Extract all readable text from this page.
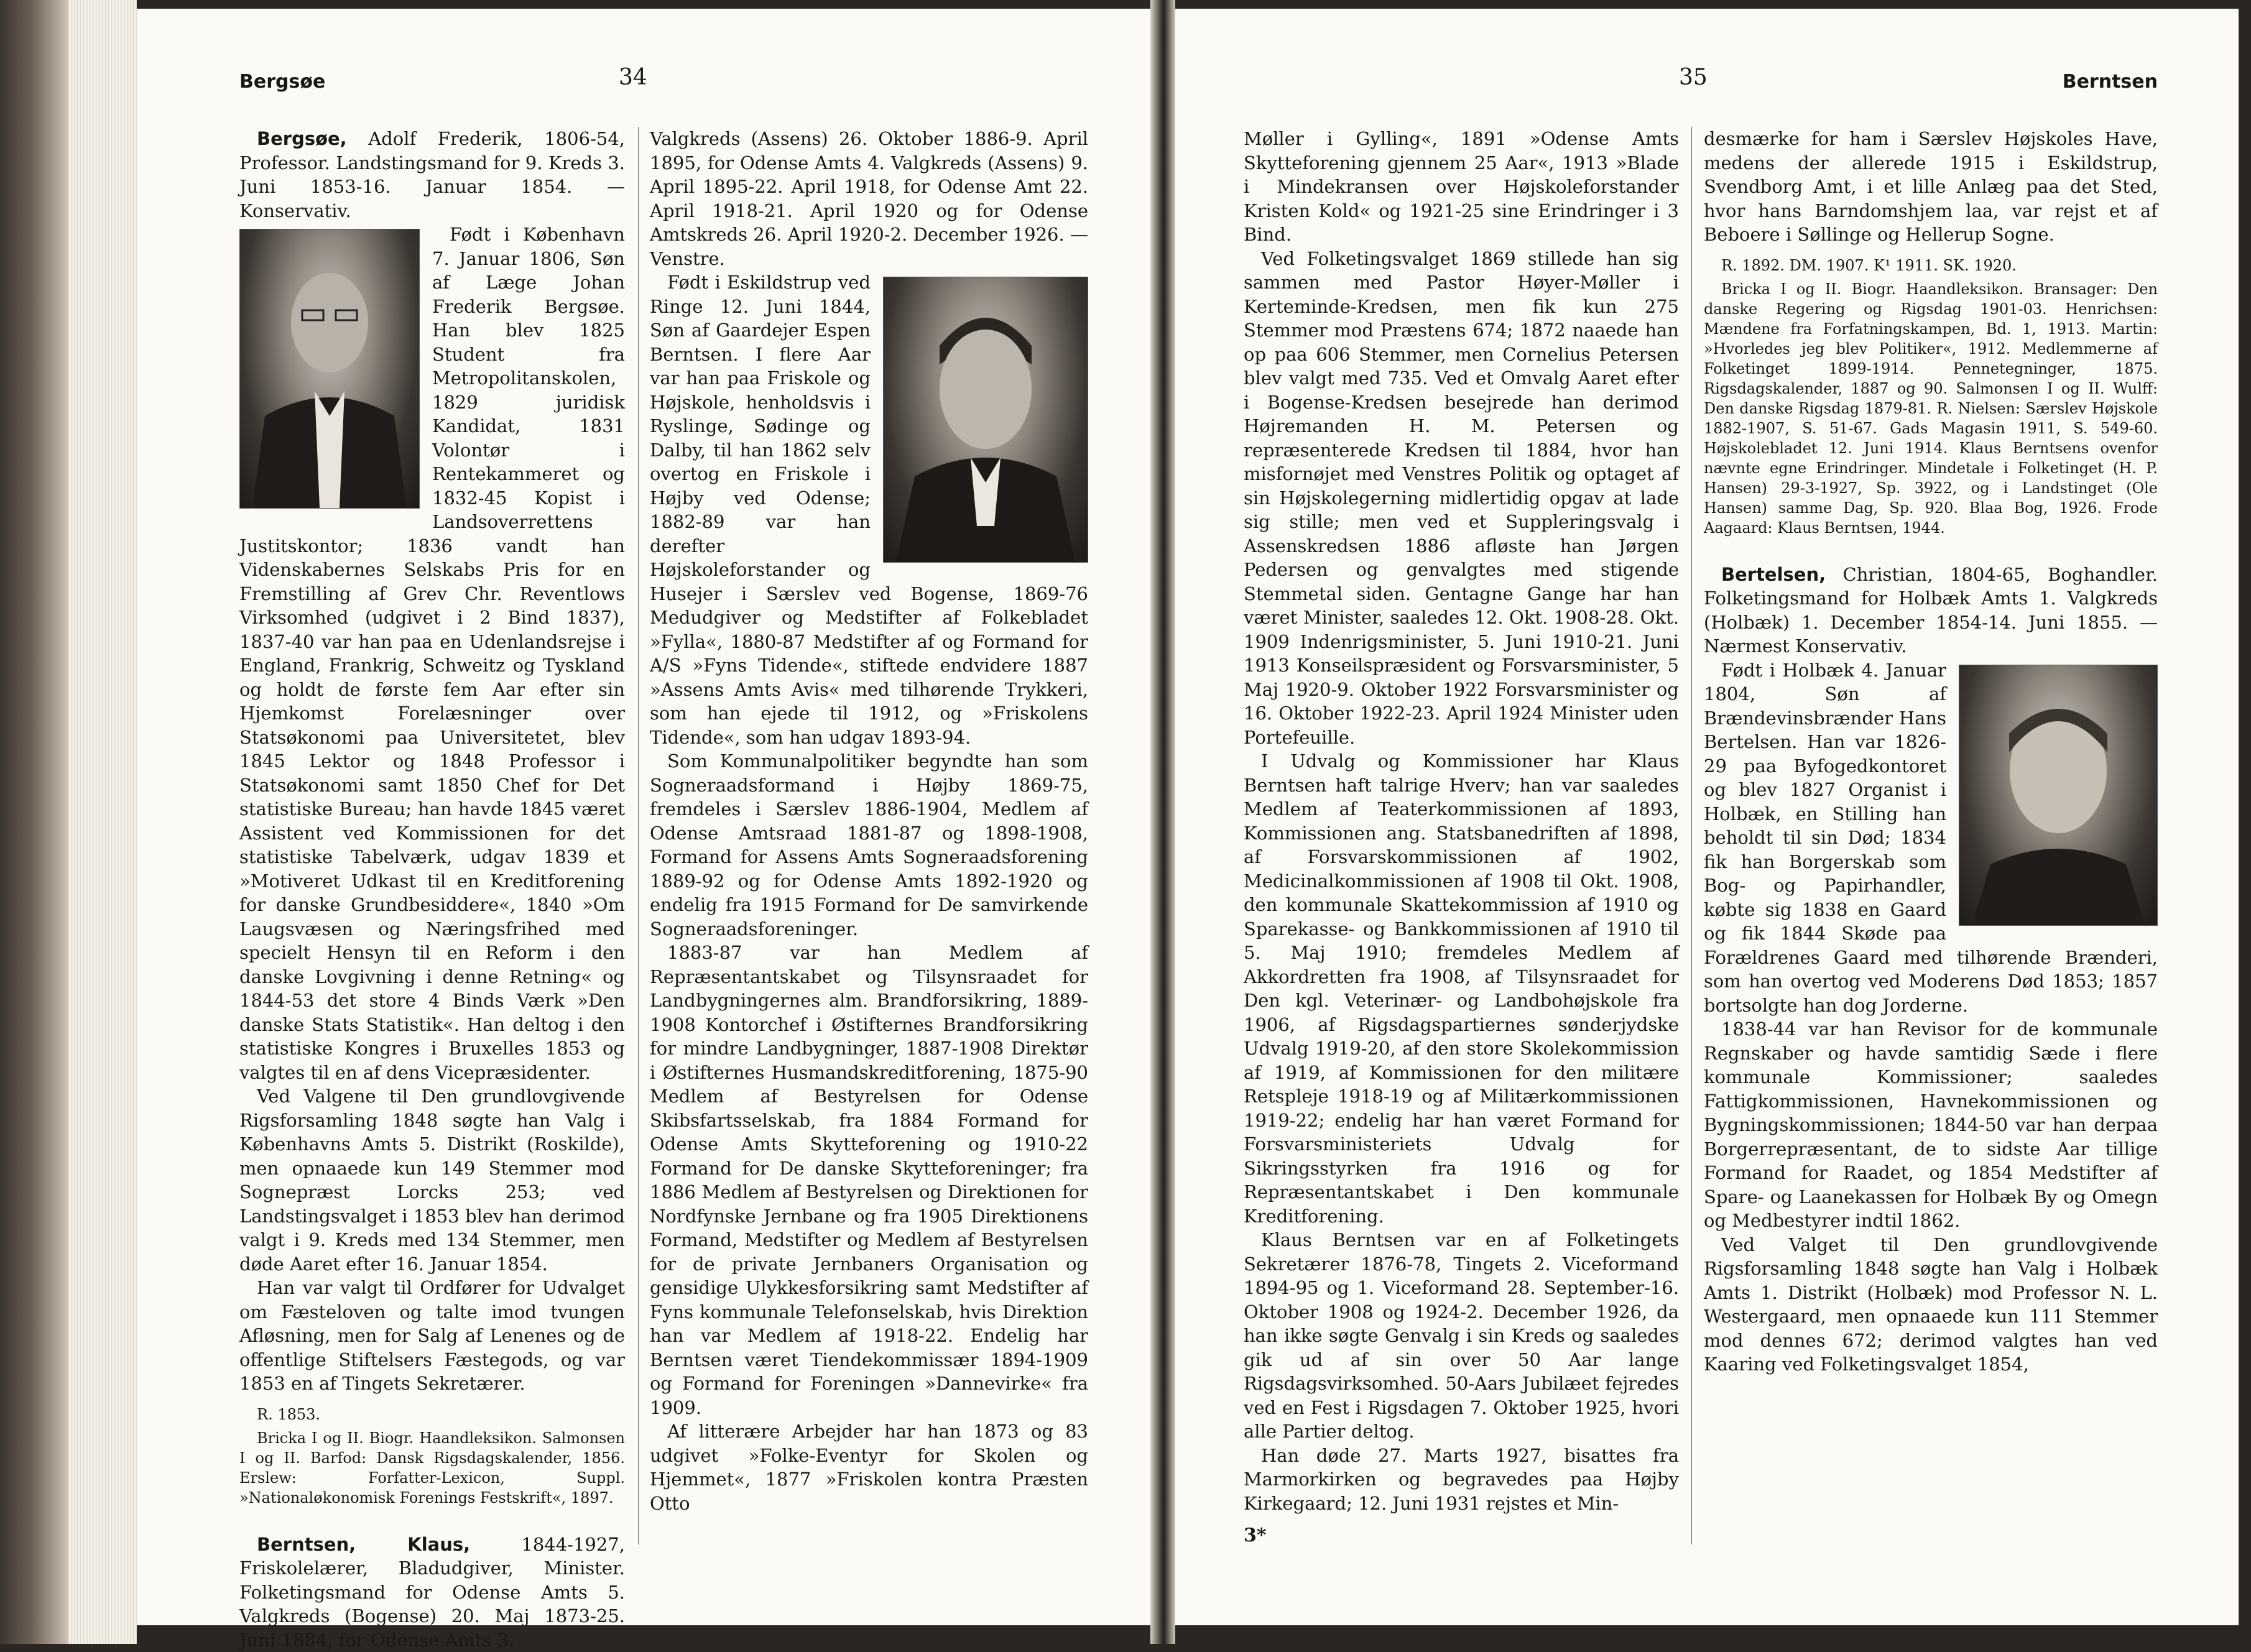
Bergsøe	34

Bergsøe, Adolf Frederik, 1806-54, Professor. Landstingsmand for 9. Kreds 3. Juni 1853-16. Januar 1854. — Konservativ.

Født i København 7. Januar 1806, Søn af Læge Johan Frederik Bergsøe. Han blev 1825 Student fra Metropolitanskolen, 1829 juridisk Kandidat, 1831 Volontør i Rentekammeret og 1832-45 Kopist i Landsoverrettens Justitskontor; 1836 vandt han Videnskabernes Selskabs Pris for en Fremstilling af Grev Chr. Reventlows Virksomhed (udgivet i 2 Bind 1837), 1837-40 var han paa en Udenlandsrejse i England, Frankrig, Schweitz og Tyskland og holdt de første fem Aar efter sin Hjemkomst Forelæsninger over Statsøkonomi paa Universitetet, blev 1845 Lektor og 1848 Professor i Statsøkonomi samt 1850 Chef for Det statistiske Bureau; han havde 1845 været Assistent ved Kommissionen for det statistiske Tabelværk, udgav 1839 et »Motiveret Udkast til en Kreditforening for danske Grundbesiddere«, 1840 »Om Laugsvæsen og Næringsfrihed med specielt Hensyn til en Reform i den danske Lovgivning i denne Retning« og 1844-53 det store 4 Binds Værk »Den danske Stats Statistik«. Han deltog i den statistiske Kongres i Bruxelles 1853 og valgtes til en af dens Vicepræsidenter.

Ved Valgene til Den grundlovgivende Rigsforsamling 1848 søgte han Valg i Københavns Amts 5. Distrikt (Roskilde), men opnaaede kun 149 Stemmer mod Sognepræst Lorcks 253; ved Landstingsvalget i 1853 blev han derimod valgt i 9. Kreds med 134 Stemmer, men døde Aaret efter 16. Januar 1854.

Han var valgt til Ordfører for Udvalget om Fæsteloven og talte imod tvungen Afløsning, men for Salg af Lenenes og de offentlige Stiftelsers Fæstegods, og var 1853 en af Tingets Sekretærer.

R. 1853.

Bricka I og II. Biogr. Haandleksikon. Salmonsen I og II. Barfod: Dansk Rigsdagskalender, 1856. Erslew: Forfatter-Lexicon, Suppl. »Nationaløkonomisk Forenings Festskrift«, 1897.

Berntsen, Klaus, 1844-1927, Friskolelærer, Bladudgiver, Minister. Folketingsmand for Odense Amts 5. Valgkreds (Bogense) 20. Maj 1873-25. Juni 1884, for Odense Amts 3.

Valgkreds (Assens) 26. Oktober 1886-9. April 1895, for Odense Amts 4. Valgkreds (Assens) 9. April 1895-22. April 1918, for Odense Amt 22. April 1918-21. April 1920 og for Odense Amtskreds 26. April 1920-2. December 1926. — Venstre.

Født i Eskildstrup ved Ringe 12. Juni 1844, Søn af Gaardejer Espen Berntsen. I flere Aar var han paa Friskole og Højskole, henholdsvis i Ryslinge, Sødinge og Dalby, til han 1862 selv overtog en Friskole i Højby ved Odense; 1882-89 var han derefter Højskoleforstander og Husejer i Særslev ved Bogense, 1869-76 Medudgiver og Medstifter af Folkebladet »Fylla«, 1880-87 Medstifter af og Formand for A/S »Fyns Tidende«, stiftede endvidere 1887 »Assens Amts Avis« med tilhørende Trykkeri, som han ejede til 1912, og »Friskolens Tidende«, som han udgav 1893-94.

Som Kommunalpolitiker begyndte han som Sogneraadsformand i Højby 1869-75, fremdeles i Særslev 1886-1904, Medlem af Odense Amtsraad 1881-87 og 1898-1908, Formand for Assens Amts Sogneraadsforening 1889-92 og for Odense Amts 1892-1920 og endelig fra 1915 Formand for De samvirkende Sogneraadsforeninger.

1883-87 var han Medlem af Repræsentantskabet og Tilsynsraadet for Landbygningernes alm. Brandforsikring, 1889-1908 Kontorchef i Østifternes Brandforsikring for mindre Landbygninger, 1887-1908 Direktør i Østifternes Husmandskreditforening, 1875-90 Medlem af Bestyrelsen for Odense Skibsfartsselskab, fra 1884 Formand for Odense Amts Skytteforening og 1910-22 Formand for De danske Skytteforeninger; fra 1886 Medlem af Bestyrelsen og Direktionen for Nordfynske Jernbane og fra 1905 Direktionens Formand, Medstifter og Medlem af Bestyrelsen for de private Jernbaners Organisation og gensidige Ulykkesforsikring samt Medstifter af Fyns kommunale Telefonselskab, hvis Direktion han var Medlem af 1918-22. Endelig har Berntsen været Tiendekommissær 1894-1909 og Formand for Foreningen »Dannevirke« fra 1909.

Af litterære Arbejder har han 1873 og 83 udgivet »Folke-Eventyr for Skolen og Hjemmet«, 1877 »Friskolen kontra Præsten Otto

35	Berntsen

Møller i Gylling«, 1891 »Odense Amts Skytteforening gjennem 25 Aar«, 1913 »Blade i Mindekransen over Højskoleforstander Kristen Kold« og 1921-25 sine Erindringer i 3 Bind.

Ved Folketingsvalget 1869 stillede han sig sammen med Pastor Høyer-Møller i Kerteminde-Kredsen, men fik kun 275 Stemmer mod Præstens 674; 1872 naaede han op paa 606 Stemmer, men Cornelius Petersen blev valgt med 735. Ved et Omvalg Aaret efter i Bogense-Kredsen besejrede han derimod Højremanden H. M. Petersen og repræsenterede Kredsen til 1884, hvor han misfornøjet med Venstres Politik og optaget af sin Højskolegerning midlertidig opgav at lade sig stille; men ved et Suppleringsvalg i Assenskredsen 1886 afløste han Jørgen Pedersen og genvalgtes med stigende Stemmetal siden. Gentagne Gange har han været Minister, saaledes 12. Okt. 1908-28. Okt. 1909 Indenrigsminister, 5. Juni 1910-21. Juni 1913 Konseilspræsident og Forsvarsminister, 5 Maj 1920-9. Oktober 1922 Forsvarsminister og 16. Oktober 1922-23. April 1924 Minister uden Portefeuille.

I Udvalg og Kommissioner har Klaus Berntsen haft talrige Hverv; han var saaledes Medlem af Teaterkommissionen af 1893, Kommissionen ang. Statsbanedriften af 1898, af Forsvarskommissionen af 1902, Medicinalkommissionen af 1908 til Okt. 1908, den kommunale Skattekommission af 1910 og Sparekasse- og Bankkommissionen af 1910 til 5. Maj 1910; fremdeles Medlem af Akkordretten fra 1908, af Tilsynsraadet for Den kgl. Veterinær- og Landbohøjskole fra 1906, af Rigsdagspartiernes sønderjydske Udvalg 1919-20, af den store Skolekommission af 1919, af Kommissionen for den militære Retspleje 1918-19 og af Militærkommissionen 1919-22; endelig har han været Formand for Forsvarsministeriets Udvalg for Sikringsstyrken fra 1916 og for Repræsentantskabet i Den kommunale Kreditforening.

Klaus Berntsen var en af Folketingets Sekretærer 1876-78, Tingets 2. Viceformand 1894-95 og 1. Viceformand 28. September-16. Oktober 1908 og 1924-2. December 1926, da han ikke søgte Genvalg i sin Kreds og saaledes gik ud af sin over 50 Aar lange Rigsdagsvirksomhed. 50-Aars Jubilæet fejredes ved en Fest i Rigsdagen 7. Oktober 1925, hvori alle Partier deltog.

Han døde 27. Marts 1927, bisattes fra Marmorkirken og begravedes paa Højby Kirkegaard; 12. Juni 1931 rejstes et Min-

3*

desmærke for ham i Særslev Højskoles Have, medens der allerede 1915 i Eskildstrup, Svendborg Amt, i et lille Anlæg paa det Sted, hvor hans Barndomshjem laa, var rejst et af Beboere i Søllinge og Hellerup Sogne.

R. 1892. DM. 1907. K¹ 1911. SK. 1920.

Bricka I og II. Biogr. Haandleksikon. Bransager: Den danske Regering og Rigsdag 1901-03. Henrichsen: Mændene fra Forfatningskampen, Bd. 1, 1913. Martin: »Hvorledes jeg blev Politiker«, 1912. Medlemmerne af Folketinget 1899-1914. Pennetegninger, 1875. Rigsdagskalender, 1887 og 90. Salmonsen I og II. Wulff: Den danske Rigsdag 1879-81. R. Nielsen: Særslev Højskole 1882-1907, S. 51-67. Gads Magasin 1911, S. 549-60. Højskolebladet 12. Juni 1914. Klaus Berntsens ovenfor nævnte egne Erindringer. Mindetale i Folketinget (H. P. Hansen) 29-3-1927, Sp. 3922, og i Landstinget (Ole Hansen) samme Dag, Sp. 920. Blaa Bog, 1926. Frode Aagaard: Klaus Berntsen, 1944.

Bertelsen, Christian, 1804-65, Boghandler. Folketingsmand for Holbæk Amts 1. Valgkreds (Holbæk) 1. December 1854-14. Juni 1855. — Nærmest Konservativ.

Født i Holbæk 4. Januar 1804, Søn af Brændevinsbrænder Hans Bertelsen. Han var 1826-29 paa Byfogedkontoret og blev 1827 Organist i Holbæk, en Stilling han beholdt til sin Død; 1834 fik han Borgerskab som Bog- og Papirhandler, købte sig 1838 en Gaard og fik 1844 Skøde paa Forældrenes Gaard med tilhørende Brænderi, som han overtog ved Moderens Død 1853; 1857 bortsolgte han dog Jorderne.

1838-44 var han Revisor for de kommunale Regnskaber og havde samtidig Sæde i flere kommunale Kommissioner; saaledes Fattigkommissionen, Havnekommissionen og Bygningskommissionen; 1844-50 var han derpaa Borgerrepræsentant, de to sidste Aar tillige Formand for Raadet, og 1854 Medstifter af Spare- og Laanekassen for Holbæk By og Omegn og Medbestyrer indtil 1862.

Ved Valget til Den grundlovgivende Rigsforsamling 1848 søgte han Valg i Holbæk Amts 1. Distrikt (Holbæk) mod Professor N. L. Westergaard, men opnaaede kun 111 Stemmer mod dennes 672; derimod valgtes han ved Kaaring ved Folketingsvalget 1854,
